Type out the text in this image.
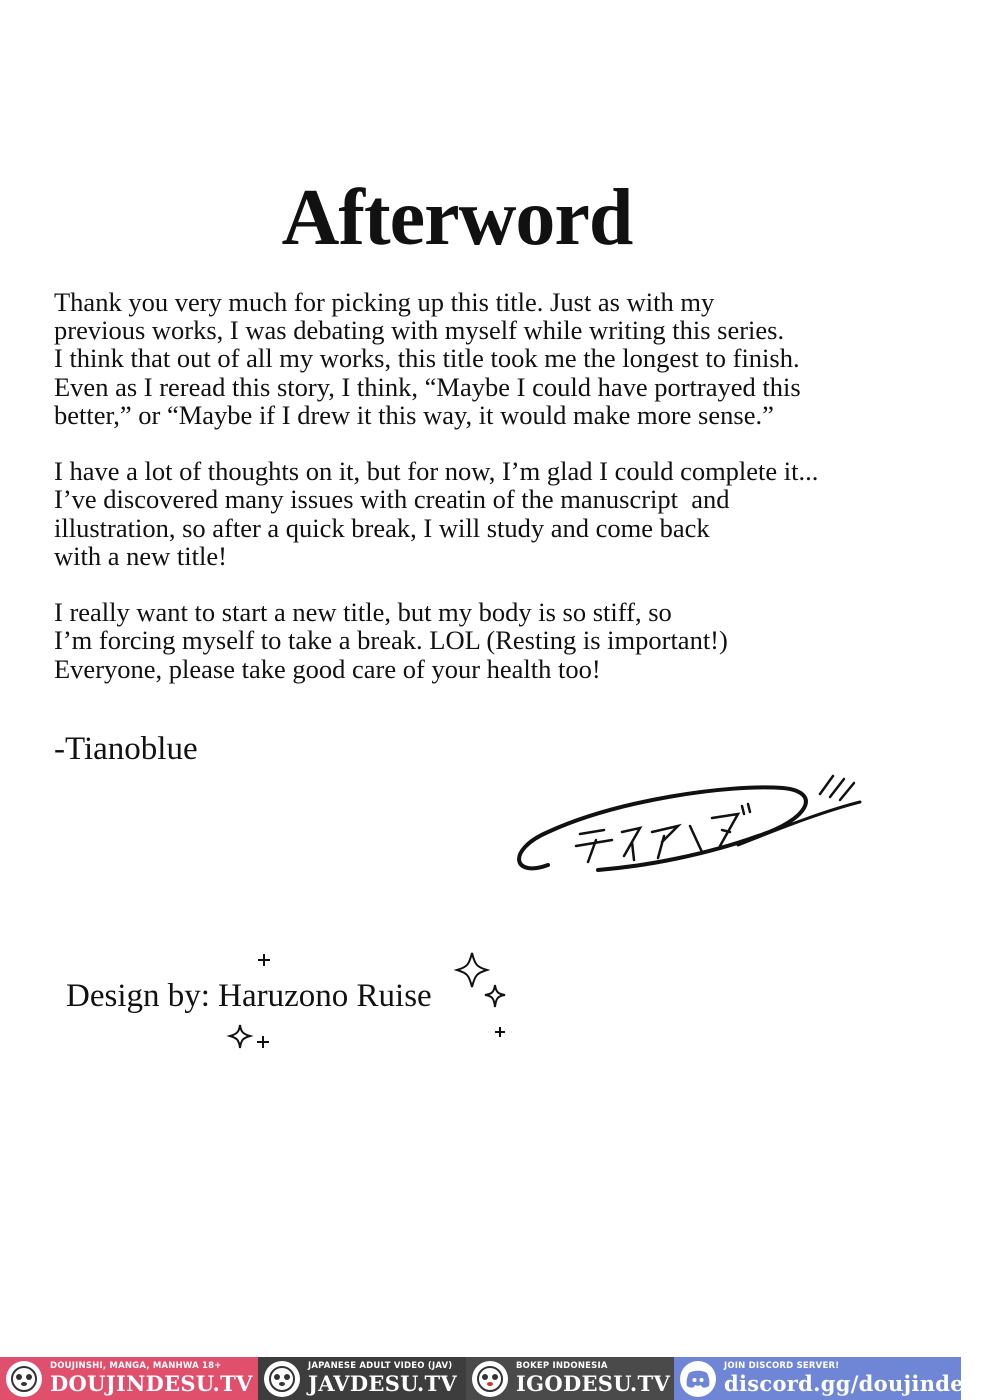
Afterword

Thank you very much for picking up this title. Just as with my
previous works, I was debating with myself while writing this series.
I think that out of all my works, this title took me the longest to finish.
Even as I reread this story, I think, “Maybe I could have portrayed this
better,” or “Maybe if I drew it this way, it would make more sense.”

I have a lot of thoughts on it, but for now, I’m glad I could complete it...
I’ve discovered many issues with creatin of the manuscript  and
illustration, so after a quick break, I will study and come back
with a new title!

I really want to start a new title, but my body is so stiff, so
I’m forcing myself to take a break. LOL (Resting is important!)
Everyone, please take good care of your health too!

-Tianoblue
Design by: Haruzono Ruise
DOUJINSHI, MANGA, MANHWA 18+
DOUJINDESU.TV
JAPANESE ADULT VIDEO (JAV)
JAVDESU.TV
BOKEP INDONESIA
IGODESU.TV
JOIN DISCORD SERVER!
discord.gg/doujindesu
